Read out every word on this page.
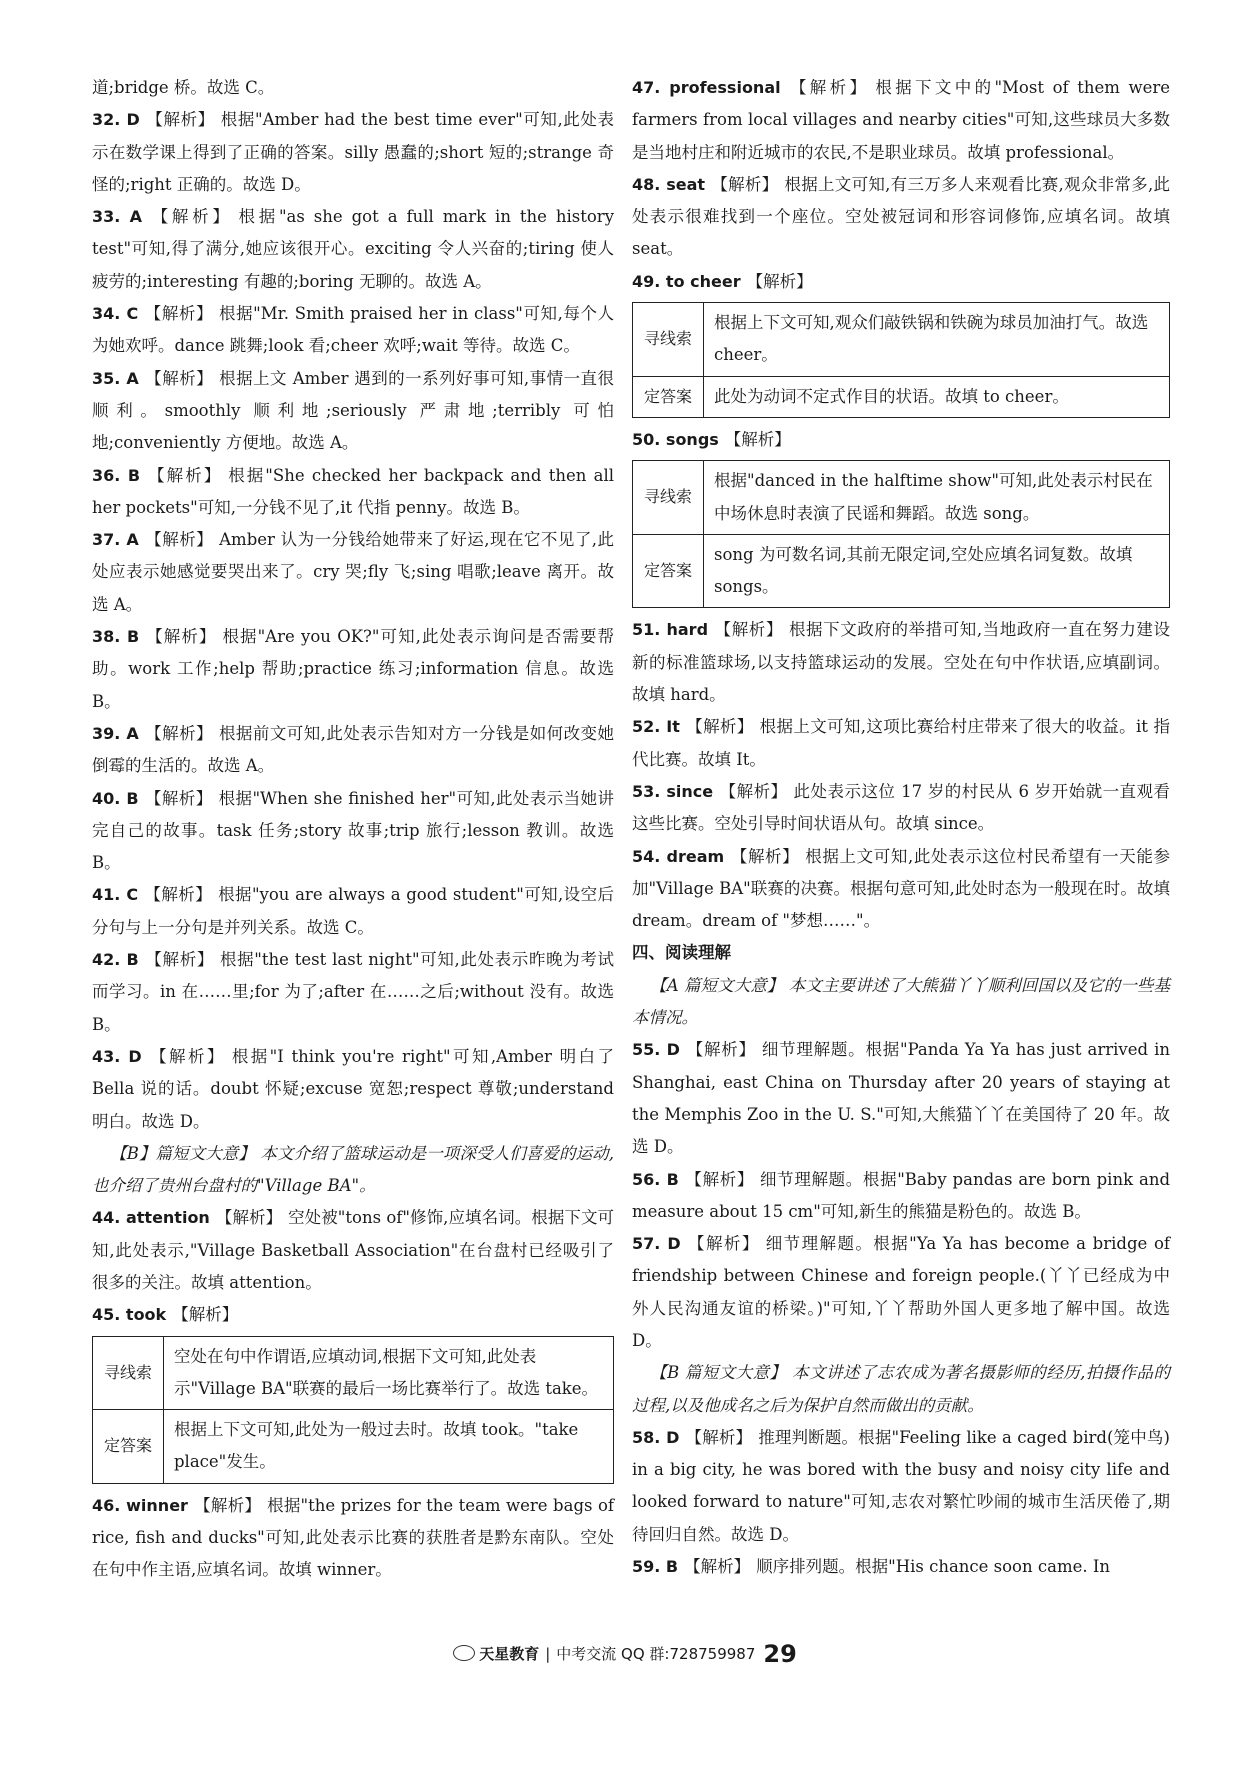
道;bridge 桥。故选 C。

32. D 【解析】 根据"Amber had the best time ever"可知,此处表示在数学课上得到了正确的答案。silly 愚蠢的;short 短的;strange 奇怪的;right 正确的。故选 D。

33. A 【解析】 根据"as she got a full mark in the history test"可知,得了满分,她应该很开心。exciting 令人兴奋的;tiring 使人疲劳的;interesting 有趣的;boring 无聊的。故选 A。

34. C 【解析】 根据"Mr. Smith praised her in class"可知,每个人为她欢呼。dance 跳舞;look 看;cheer 欢呼;wait 等待。故选 C。

35. A 【解析】 根据上文 Amber 遇到的一系列好事可知,事情一直很顺利。smoothly 顺利地;seriously 严肃地;terribly 可怕地;conveniently 方便地。故选 A。

36. B 【解析】 根据"She checked her backpack and then all her pockets"可知,一分钱不见了,it 代指 penny。故选 B。

37. A 【解析】 Amber 认为一分钱给她带来了好运,现在它不见了,此处应表示她感觉要哭出来了。cry 哭;fly 飞;sing 唱歌;leave 离开。故选 A。

38. B 【解析】 根据"Are you OK?"可知,此处表示询问是否需要帮助。work 工作;help 帮助;practice 练习;information 信息。故选 B。

39. A 【解析】 根据前文可知,此处表示告知对方一分钱是如何改变她倒霉的生活的。故选 A。

40. B 【解析】 根据"When she finished her"可知,此处表示当她讲完自己的故事。task 任务;story 故事;trip 旅行;lesson 教训。故选 B。

41. C 【解析】 根据"you are always a good student"可知,设空后分句与上一分句是并列关系。故选 C。

42. B 【解析】 根据"the test last night"可知,此处表示昨晚为考试而学习。in 在……里;for 为了;after 在……之后;without 没有。故选 B。

43. D 【解析】 根据"I think you're right"可知,Amber 明白了 Bella 说的话。doubt 怀疑;excuse 宽恕;respect 尊敬;understand 明白。故选 D。

【B】篇短文大意】 本文介绍了篮球运动是一项深受人们喜爱的运动,也介绍了贵州台盘村的"Village BA"。

44. attention 【解析】 空处被"tons of"修饰,应填名词。根据下文可知,此处表示,"Village Basketball Association"在台盘村已经吸引了很多的关注。故填 attention。

45. took 【解析】

寻线索	空处在句中作谓语,应填动词,根据下文可知,此处表示"Village BA"联赛的最后一场比赛举行了。故选 take。
定答案	根据上下文可知,此处为一般过去时。故填 took。"take place"发生。

46. winner 【解析】 根据"the prizes for the team were bags of rice, fish and ducks"可知,此处表示比赛的获胜者是黔东南队。空处在句中作主语,应填名词。故填 winner。

47. professional 【解析】 根据下文中的"Most of them were farmers from local villages and nearby cities"可知,这些球员大多数是当地村庄和附近城市的农民,不是职业球员。故填 professional。

48. seat 【解析】 根据上文可知,有三万多人来观看比赛,观众非常多,此处表示很难找到一个座位。空处被冠词和形容词修饰,应填名词。故填 seat。

49. to cheer 【解析】

寻线索	根据上下文可知,观众们敲铁锅和铁碗为球员加油打气。故选 cheer。
定答案	此处为动词不定式作目的状语。故填 to cheer。

50. songs 【解析】

寻线索	根据"danced in the halftime show"可知,此处表示村民在中场休息时表演了民谣和舞蹈。故选 song。
定答案	song 为可数名词,其前无限定词,空处应填名词复数。故填 songs。

51. hard 【解析】 根据下文政府的举措可知,当地政府一直在努力建设新的标准篮球场,以支持篮球运动的发展。空处在句中作状语,应填副词。故填 hard。

52. It 【解析】 根据上文可知,这项比赛给村庄带来了很大的收益。it 指代比赛。故填 It。

53. since 【解析】 此处表示这位 17 岁的村民从 6 岁开始就一直观看这些比赛。空处引导时间状语从句。故填 since。

54. dream 【解析】 根据上文可知,此处表示这位村民希望有一天能参加"Village BA"联赛的决赛。根据句意可知,此处时态为一般现在时。故填 dream。dream of "梦想……"。

四、阅读理解

【A 篇短文大意】 本文主要讲述了大熊猫丫丫顺利回国以及它的一些基本情况。

55. D 【解析】 细节理解题。根据"Panda Ya Ya has just arrived in Shanghai, east China on Thursday after 20 years of staying at the Memphis Zoo in the U. S."可知,大熊猫丫丫在美国待了 20 年。故选 D。

56. B 【解析】 细节理解题。根据"Baby pandas are born pink and measure about 15 cm"可知,新生的熊猫是粉色的。故选 B。

57. D 【解析】 细节理解题。根据"Ya Ya has become a bridge of friendship between Chinese and foreign people.(丫丫已经成为中外人民沟通友谊的桥梁。)"可知,丫丫帮助外国人更多地了解中国。故选 D。

【B 篇短文大意】 本文讲述了志农成为著名摄影师的经历,拍摄作品的过程,以及他成名之后为保护自然而做出的贡献。

58. D 【解析】 推理判断题。根据"Feeling like a caged bird(笼中鸟) in a big city, he was bored with the busy and noisy city life and looked forward to nature"可知,志农对繁忙吵闹的城市生活厌倦了,期待回归自然。故选 D。

59. B 【解析】 顺序排列题。根据"His chance soon came. In

天星教育 | 中考交流 QQ 群:728759987 29
